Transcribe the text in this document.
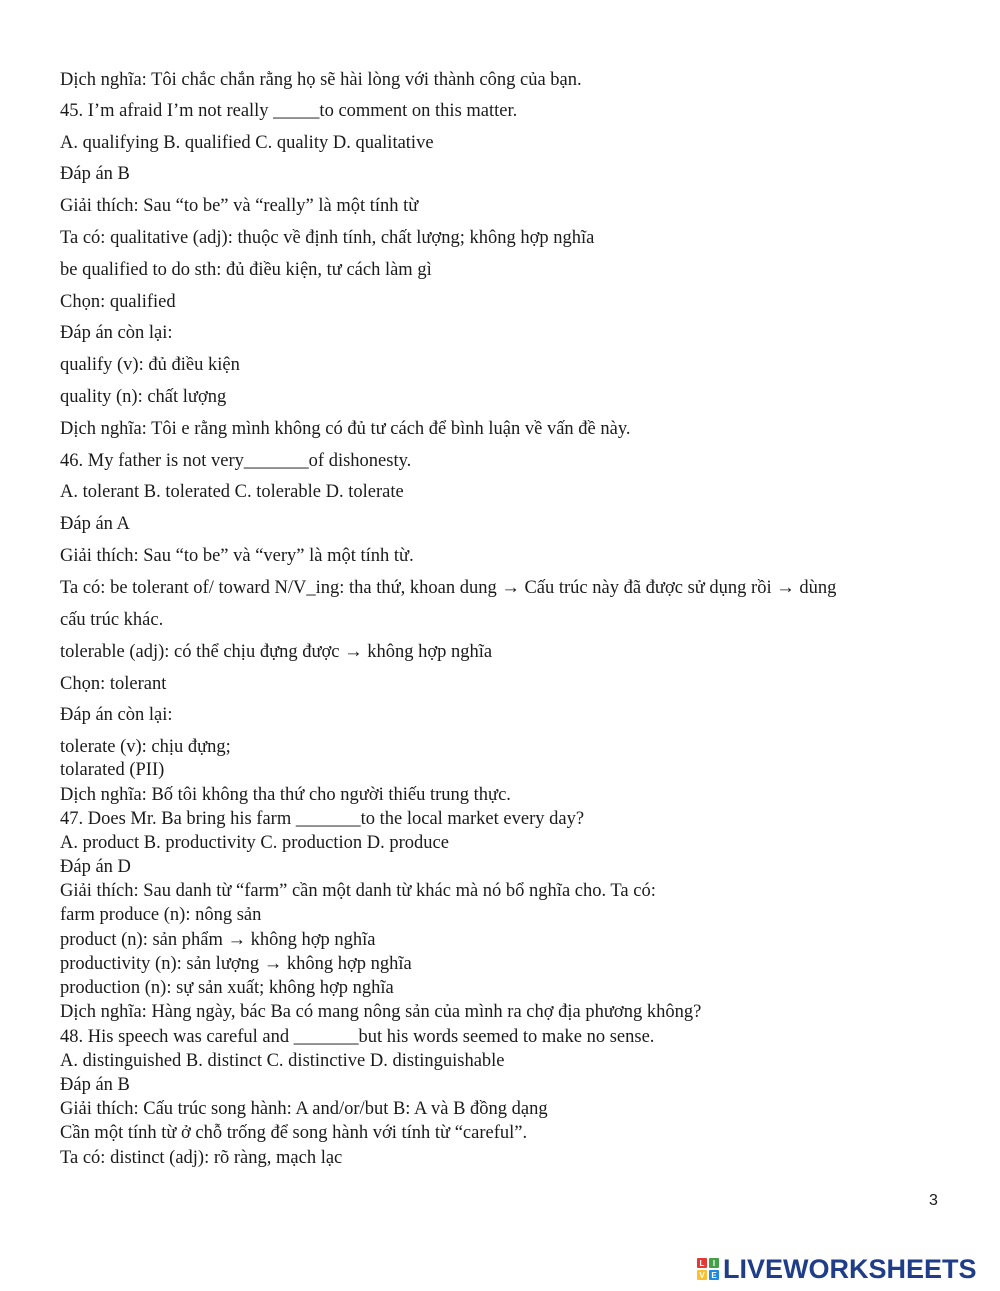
Dịch nghĩa: Tôi chắc chắn rằng họ sẽ hài lòng với thành công của bạn.
45. I’m afraid I’m not really _____to comment on this matter.
A. qualifying B. qualified C. quality D. qualitative
Đáp án B
Giải thích: Sau “to be” và “really” là một tính từ
Ta có: qualitative (adj): thuộc về định tính, chất lượng; không hợp nghĩa
be qualified to do sth: đủ điều kiện, tư cách làm gì
Chọn: qualified
Đáp án còn lại:
qualify (v): đủ điều kiện
quality (n): chất lượng
Dịch nghĩa: Tôi e rằng mình không có đủ tư cách để bình luận về vấn đề này.
46. My father is not very_______of dishonesty.
A. tolerant B. tolerated C. tolerable D. tolerate
Đáp án A
Giải thích: Sau “to be” và “very” là một tính từ.
Ta có: be tolerant of/ toward N/V_ing: tha thứ, khoan dung → Cấu trúc này đã được sử dụng rồi → dùng
cấu trúc khác.
tolerable (adj): có thể chịu đựng được → không hợp nghĩa
Chọn: tolerant
Đáp án còn lại:
tolerate (v): chịu đựng;
tolarated (PII)
Dịch nghĩa: Bố tôi không tha thứ cho người thiếu trung thực.
47. Does Mr. Ba bring his farm _______to the local market every day?
A. product B. productivity C. production D. produce
Đáp án D
Giải thích: Sau danh từ “farm” cần một danh từ khác mà nó bổ nghĩa cho. Ta có:
farm produce (n): nông sản
product (n): sản phẩm → không hợp nghĩa
productivity (n): sản lượng → không hợp nghĩa
production (n): sự sản xuất; không hợp nghĩa
Dịch nghĩa: Hàng ngày, bác Ba có mang nông sản của mình ra chợ địa phương không?
48. His speech was careful and _______but his words seemed to make no sense.
A. distinguished B. distinct C. distinctive D. distinguishable
Đáp án B
Giải thích: Cấu trúc song hành: A and/or/but B: A và B đồng dạng
Cần một tính từ ở chỗ trống để song hành với tính từ “careful”.
Ta có: distinct (adj): rõ ràng, mạch lạc
3
L	I
V E LIVEWORKSHEETS
